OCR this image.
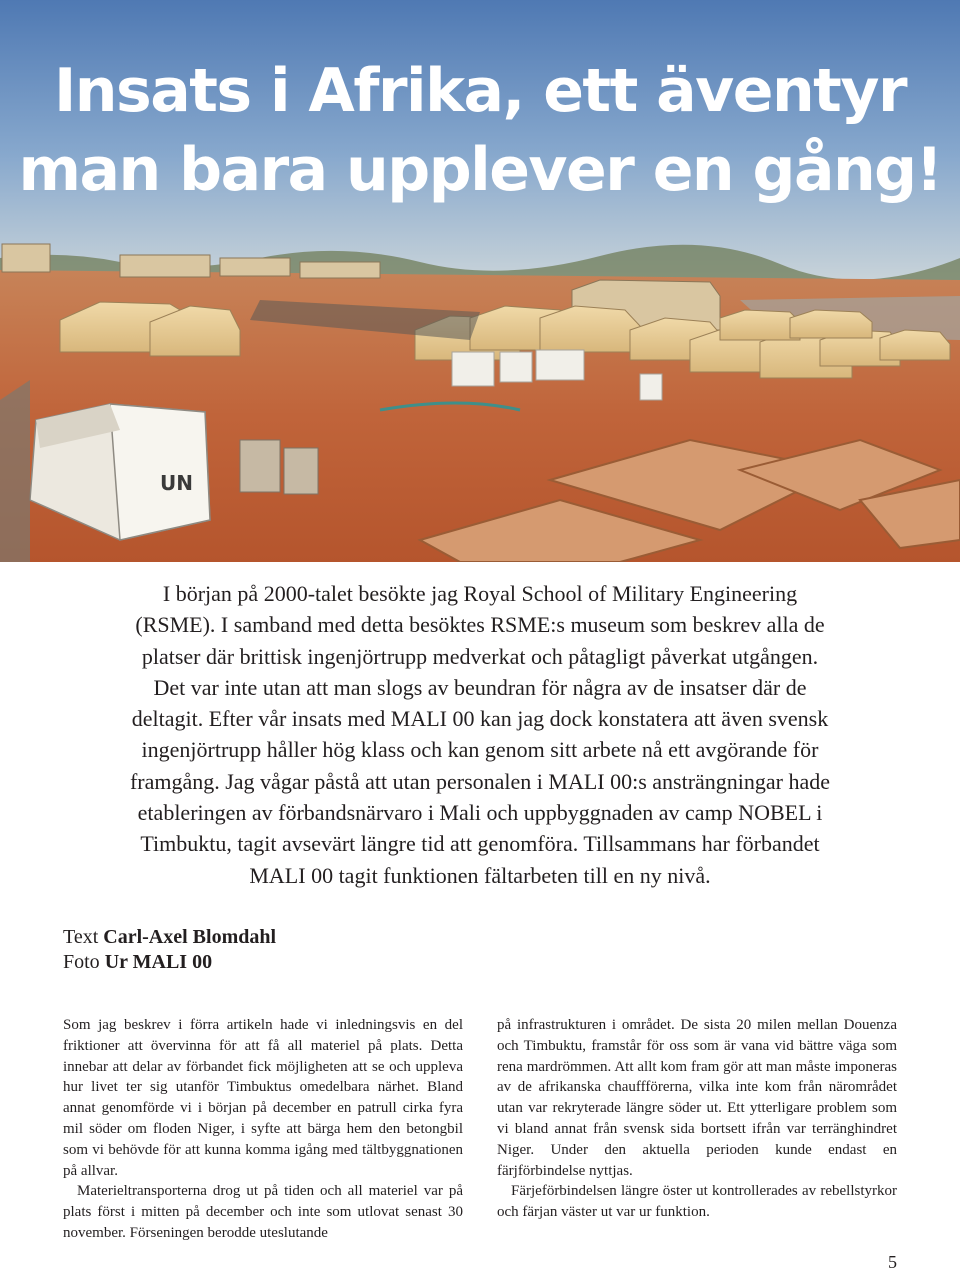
UN
Insats i Afrika, ett äventyr
man bara upplever en gång!
I början på 2000-talet besökte jag Royal School of Military Engineering
(RSME). I samband med detta besöktes RSME:s museum som beskrev alla de
platser där brittisk ingenjörtrupp medverkat och påtagligt påverkat utgången.
Det var inte utan att man slogs av beundran för några av de insatser där de
deltagit. Efter vår insats med MALI 00 kan jag dock konstatera att även svensk
ingenjörtrupp håller hög klass och kan genom sitt arbete nå ett avgörande för
framgång. Jag vågar påstå att utan personalen i MALI 00:s ansträngningar hade
etableringen av förbandsnärvaro i Mali och uppbyggnaden av camp NOBEL i
Timbuktu, tagit avsevärt längre tid att genomföra. Tillsammans har förbandet
MALI 00 tagit funktionen fältarbeten till en ny nivå.
Text Carl-Axel Blomdahl
Foto Ur MALI 00

Som jag beskrev i förra artikeln hade vi inledningsvis en del friktioner att övervinna för att få all materiel på plats. Detta innebar att delar av förbandet fick möjligheten att se och uppleva hur livet ter sig utanför Timbuktus omedelbara närhet. Bland annat genomförde vi i början på december en patrull cirka fyra mil söder om floden Niger, i syfte att bärga hem den betongbil som vi behövde för att kunna komma igång med tältbyggnationen på allvar.

Materieltransporterna drog ut på tiden och all materiel var på plats först i mitten på december och inte som utlovat senast 30 november. Förseningen berodde uteslutande

på infrastrukturen i området. De sista 20 milen mellan Douenza och Timbuktu, framstår för oss som är vana vid bättre väga som rena mardrömmen. Att allt kom fram gör att man måste imponeras av de afrikanska chauffförerna, vilka inte kom från närområdet utan var rekryterade längre söder ut. Ett ytterligare problem som vi bland annat från svensk sida bortsett ifrån var terränghindret Niger. Under den aktuella perioden kunde endast en färjförbindelse nyttjas.

Färjeförbindelsen längre öster ut kontrollerades av rebellstyrkor och färjan väster ut var ur funktion.

5
